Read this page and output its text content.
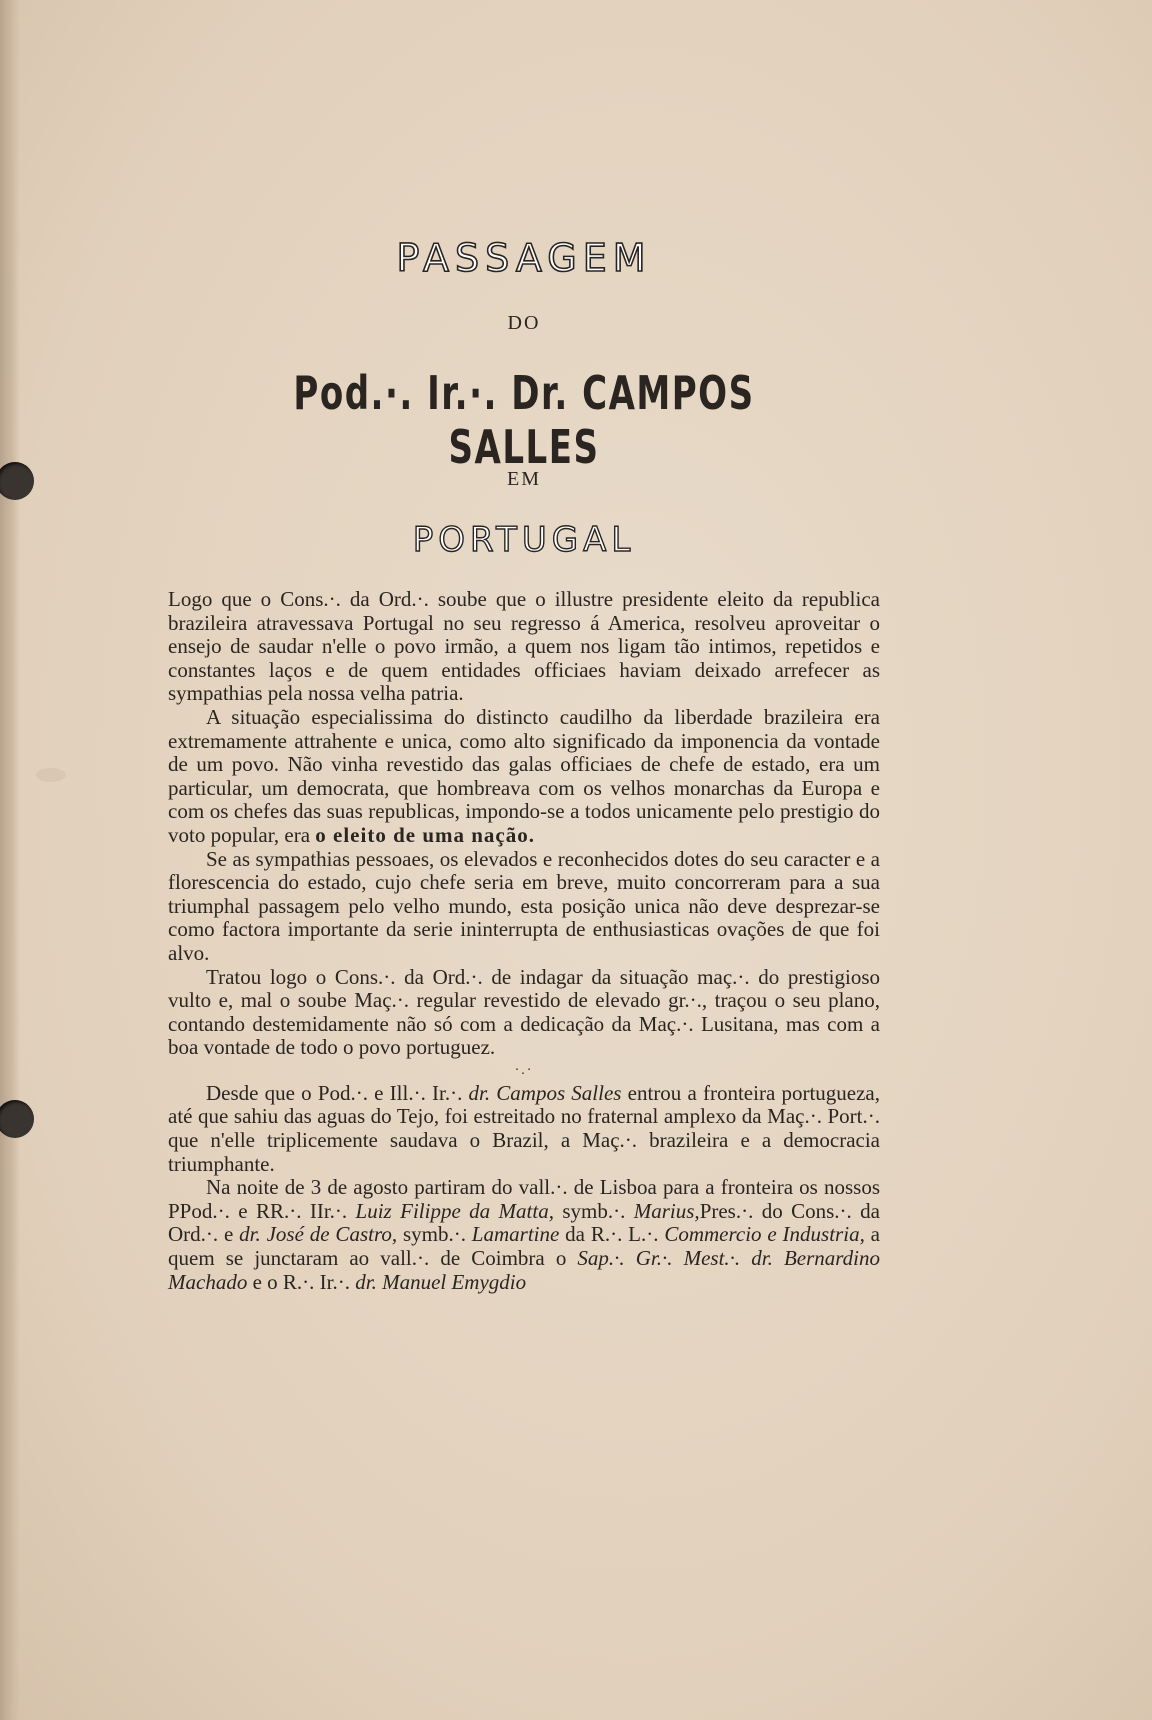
PASSAGEM
DO
Pod.·. Ir.·. Dr. CAMPOS SALLES
EM
PORTUGAL

Logo que o Cons.·. da Ord.·. soube que o illustre presidente eleito da republica brazileira atravessava Portugal no seu regresso á America, resolveu aproveitar o ensejo de saudar n'elle o povo irmão, a quem nos ligam tão intimos, repetidos e constantes laços e de quem entidades officiaes haviam deixado arrefecer as sympathias pela nossa velha patria.

A situação especialissima do distincto caudilho da liberdade brazileira era extremamente attrahente e unica, como alto significado da imponencia da vontade de um povo. Não vinha revestido das galas officiaes de chefe de estado, era um particular, um democrata, que hombreava com os velhos monarchas da Europa e com os chefes das suas republicas, impondo-se a todos unicamente pelo prestigio do voto popular, era o eleito de uma nação.

Se as sympathias pessoaes, os elevados e reconhecidos dotes do seu caracter e a florescencia do estado, cujo chefe seria em breve, muito concorreram para a sua triumphal passagem pelo velho mundo, esta posição unica não deve desprezar-se como factora importante da serie ininterrupta de enthusiasticas ovações de que foi alvo.

Tratou logo o Cons.·. da Ord.·. de indagar da situação maç.·. do prestigioso vulto e, mal o soube Maç.·. regular revestido de elevado gr.·., traçou o seu plano, contando destemidamente não só com a dedicação da Maç.·. Lusitana, mas com a boa vontade de todo o povo portuguez.

·.·

Desde que o Pod.·. e Ill.·. Ir.·. dr. Campos Salles entrou a fronteira portugueza, até que sahiu das aguas do Tejo, foi estreitado no fraternal amplexo da Maç.·. Port.·. que n'elle triplicemente saudava o Brazil, a Maç.·. brazileira e a democracia triumphante.

Na noite de 3 de agosto partiram do vall.·. de Lisboa para a fronteira os nossos PPod.·. e RR.·. IIr.·. Luiz Filippe da Matta, symb.·. Marius,Pres.·. do Cons.·. da Ord.·. e dr. José de Castro, symb.·. Lamartine da R.·. L.·. Commercio e Industria, a quem se junctaram ao vall.·. de Coimbra o Sap.·. Gr.·. Mest.·. dr. Bernardino Machado e o R.·. Ir.·. dr. Manuel Emygdio
